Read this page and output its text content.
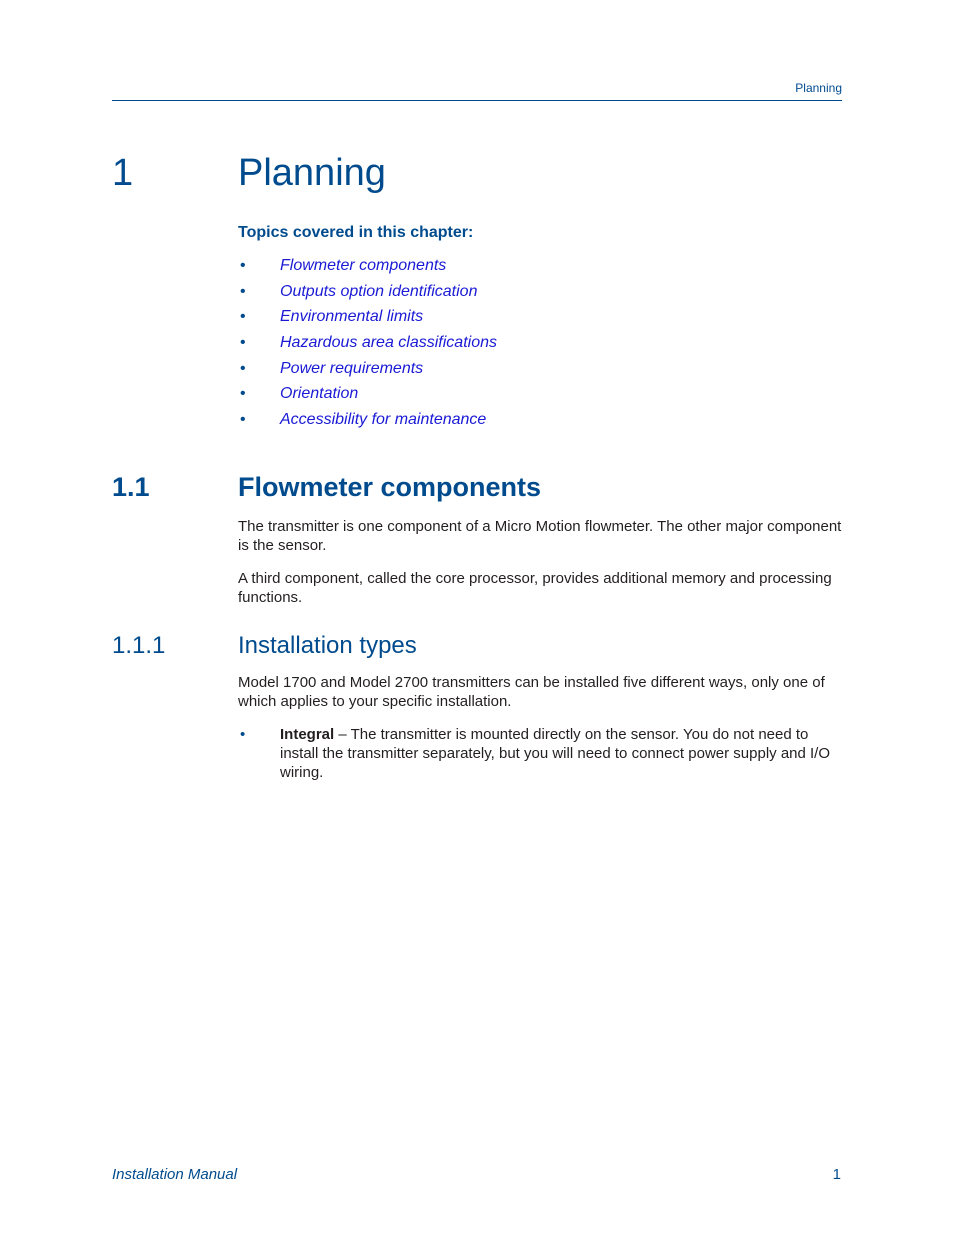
Planning
1	Planning
Topics covered in this chapter:
• Flowmeter components
• Outputs option identification
• Environmental limits
• Hazardous area classifications
• Power requirements
• Orientation
• Accessibility for maintenance
1.1	Flowmeter components
The transmitter is one component of a Micro Motion flowmeter. The other major component is the sensor.
A third component, called the core processor, provides additional memory and processing functions.
1.1.1	Installation types
Model 1700 and Model 2700 transmitters can be installed five different ways, only one of which applies to your specific installation.
• Integral – The transmitter is mounted directly on the sensor. You do not need to install the transmitter separately, but you will need to connect power supply and I/O wiring.
Installation Manual	1
